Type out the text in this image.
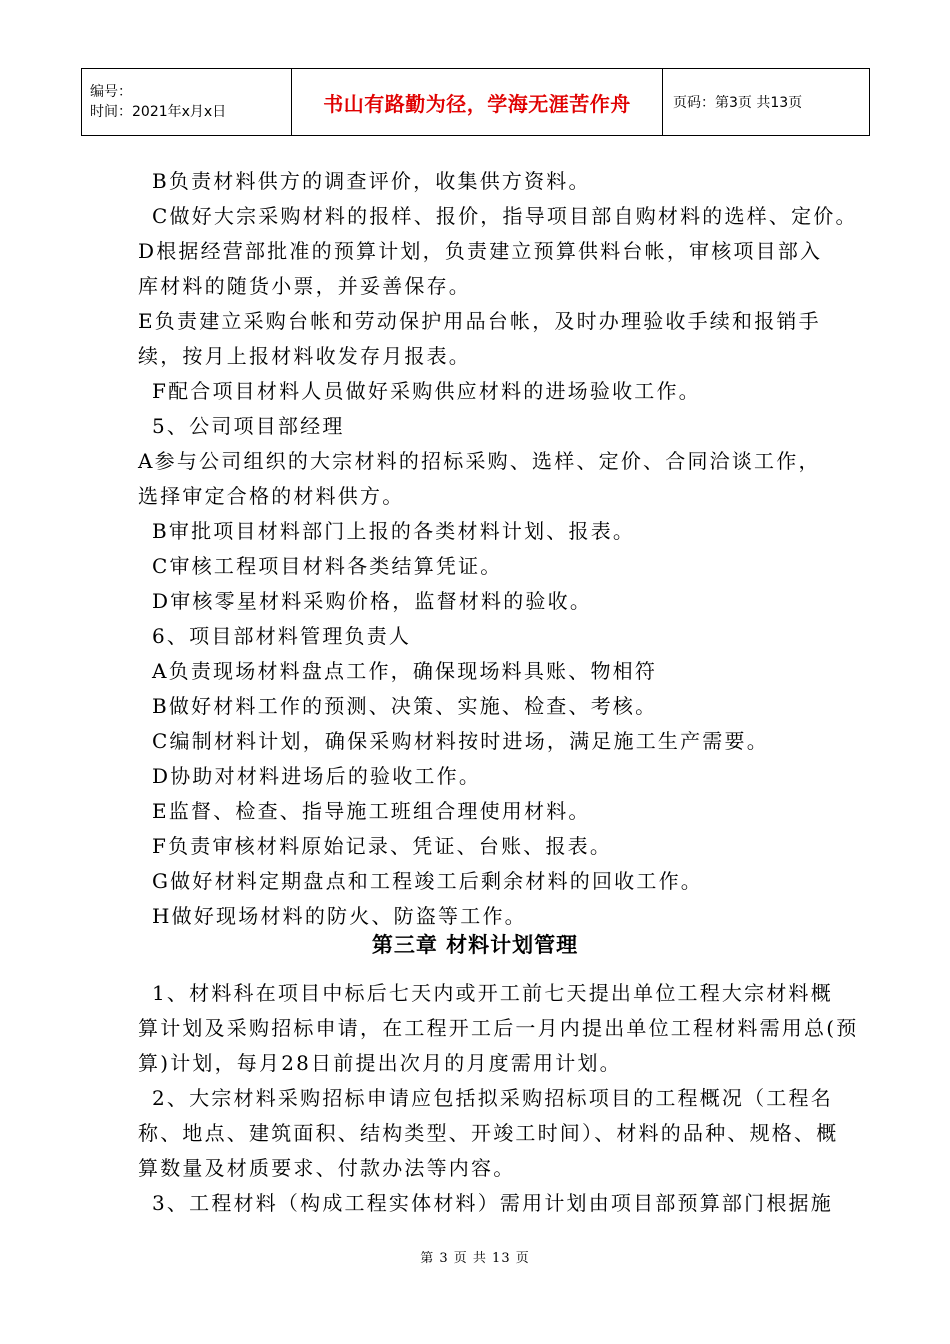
编号：
时间：2021年x月x日	书山有路勤为径，学海无涯苦作舟	页码：第3页 共13页
B负责材料供方的调查评价，收集供方资料。
C做好大宗采购材料的报样、报价，指导项目部自购材料的选样、定价。
D根据经营部批准的预算计划，负责建立预算供料台帐，审核项目部入
库材料的随货小票，并妥善保存。
E负责建立采购台帐和劳动保护用品台帐，及时办理验收手续和报销手
续，按月上报材料收发存月报表。
F配合项目材料人员做好采购供应材料的进场验收工作。
5、公司项目部经理
A参与公司组织的大宗材料的招标采购、选样、定价、合同洽谈工作，
选择审定合格的材料供方。
B审批项目材料部门上报的各类材料计划、报表。
C审核工程项目材料各类结算凭证。
D审核零星材料采购价格，监督材料的验收。
6、项目部材料管理负责人
A负责现场材料盘点工作，确保现场料具账、物相符
B做好材料工作的预测、决策、实施、检查、考核。
C编制材料计划，确保采购材料按时进场，满足施工生产需要。
D协助对材料进场后的验收工作。
E监督、检查、指导施工班组合理使用材料。
F负责审核材料原始记录、凭证、台账、报表。
G做好材料定期盘点和工程竣工后剩余材料的回收工作。
H做好现场材料的防火、防盗等工作。
第三章 材料计划管理
1、材料科在项目中标后七天内或开工前七天提出单位工程大宗材料概
算计划及采购招标申请，在工程开工后一月内提出单位工程材料需用总(预
算)计划，每月28日前提出次月的月度需用计划。
2、大宗材料采购招标申请应包括拟采购招标项目的工程概况（工程名
称、地点、建筑面积、结构类型、开竣工时间）、材料的品种、规格、概
算数量及材质要求、付款办法等内容。
3、工程材料（构成工程实体材料）需用计划由项目部预算部门根据施
第 3 页 共 13 页
